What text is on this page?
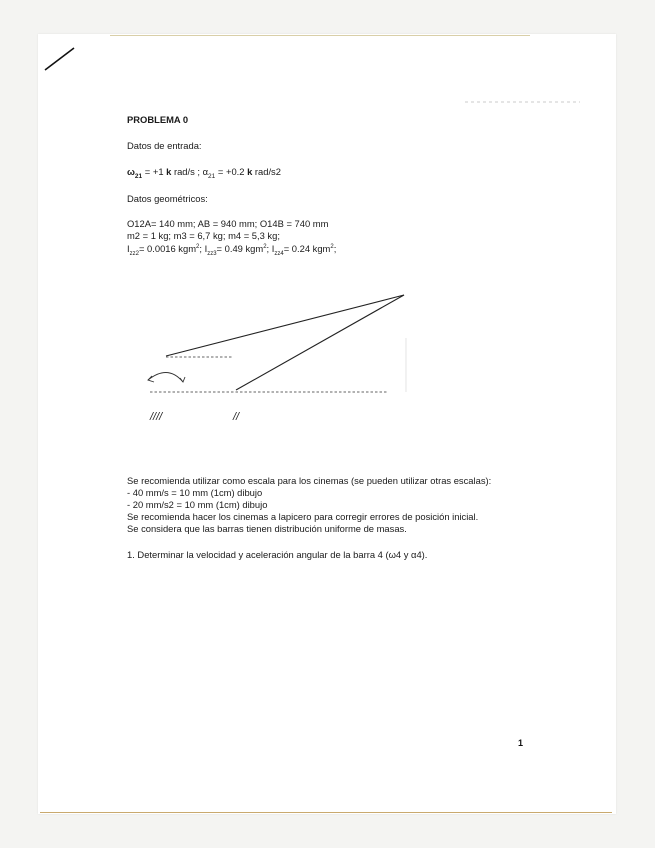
PROBLEMA 0
Datos de entrada:
$\omega_{21} = +1$ k rad/s ; $\alpha_{21} = +0.2$ k rad/s2
Datos geométricos:
O12A= 140 mm; AB = 940 mm; O14B = 740 mm
m2 = 1 kg; m3 = 6,7 kg; m4 = 5,3 kg;
$I_{zz2}= 0.0016$ kgm$^2$; $I_{zz3}= 0.49$ kgm$^2$; $I_{zz4}= 0.24$ kgm$^2$;
////	//
Se recomienda utilizar como escala para los cinemas (se pueden utilizar otras escalas):
- 40 mm/s = 10 mm (1cm) dibujo
- 20 mm/s2 = 10 mm (1cm) dibujo
Se recomienda hacer los cinemas a lapicero para corregir errores de posición inicial.
Se considera que las barras tienen distribución uniforme de masas.
1. Determinar la velocidad y aceleración angular de la barra 4 (ω4 y α4).
1
